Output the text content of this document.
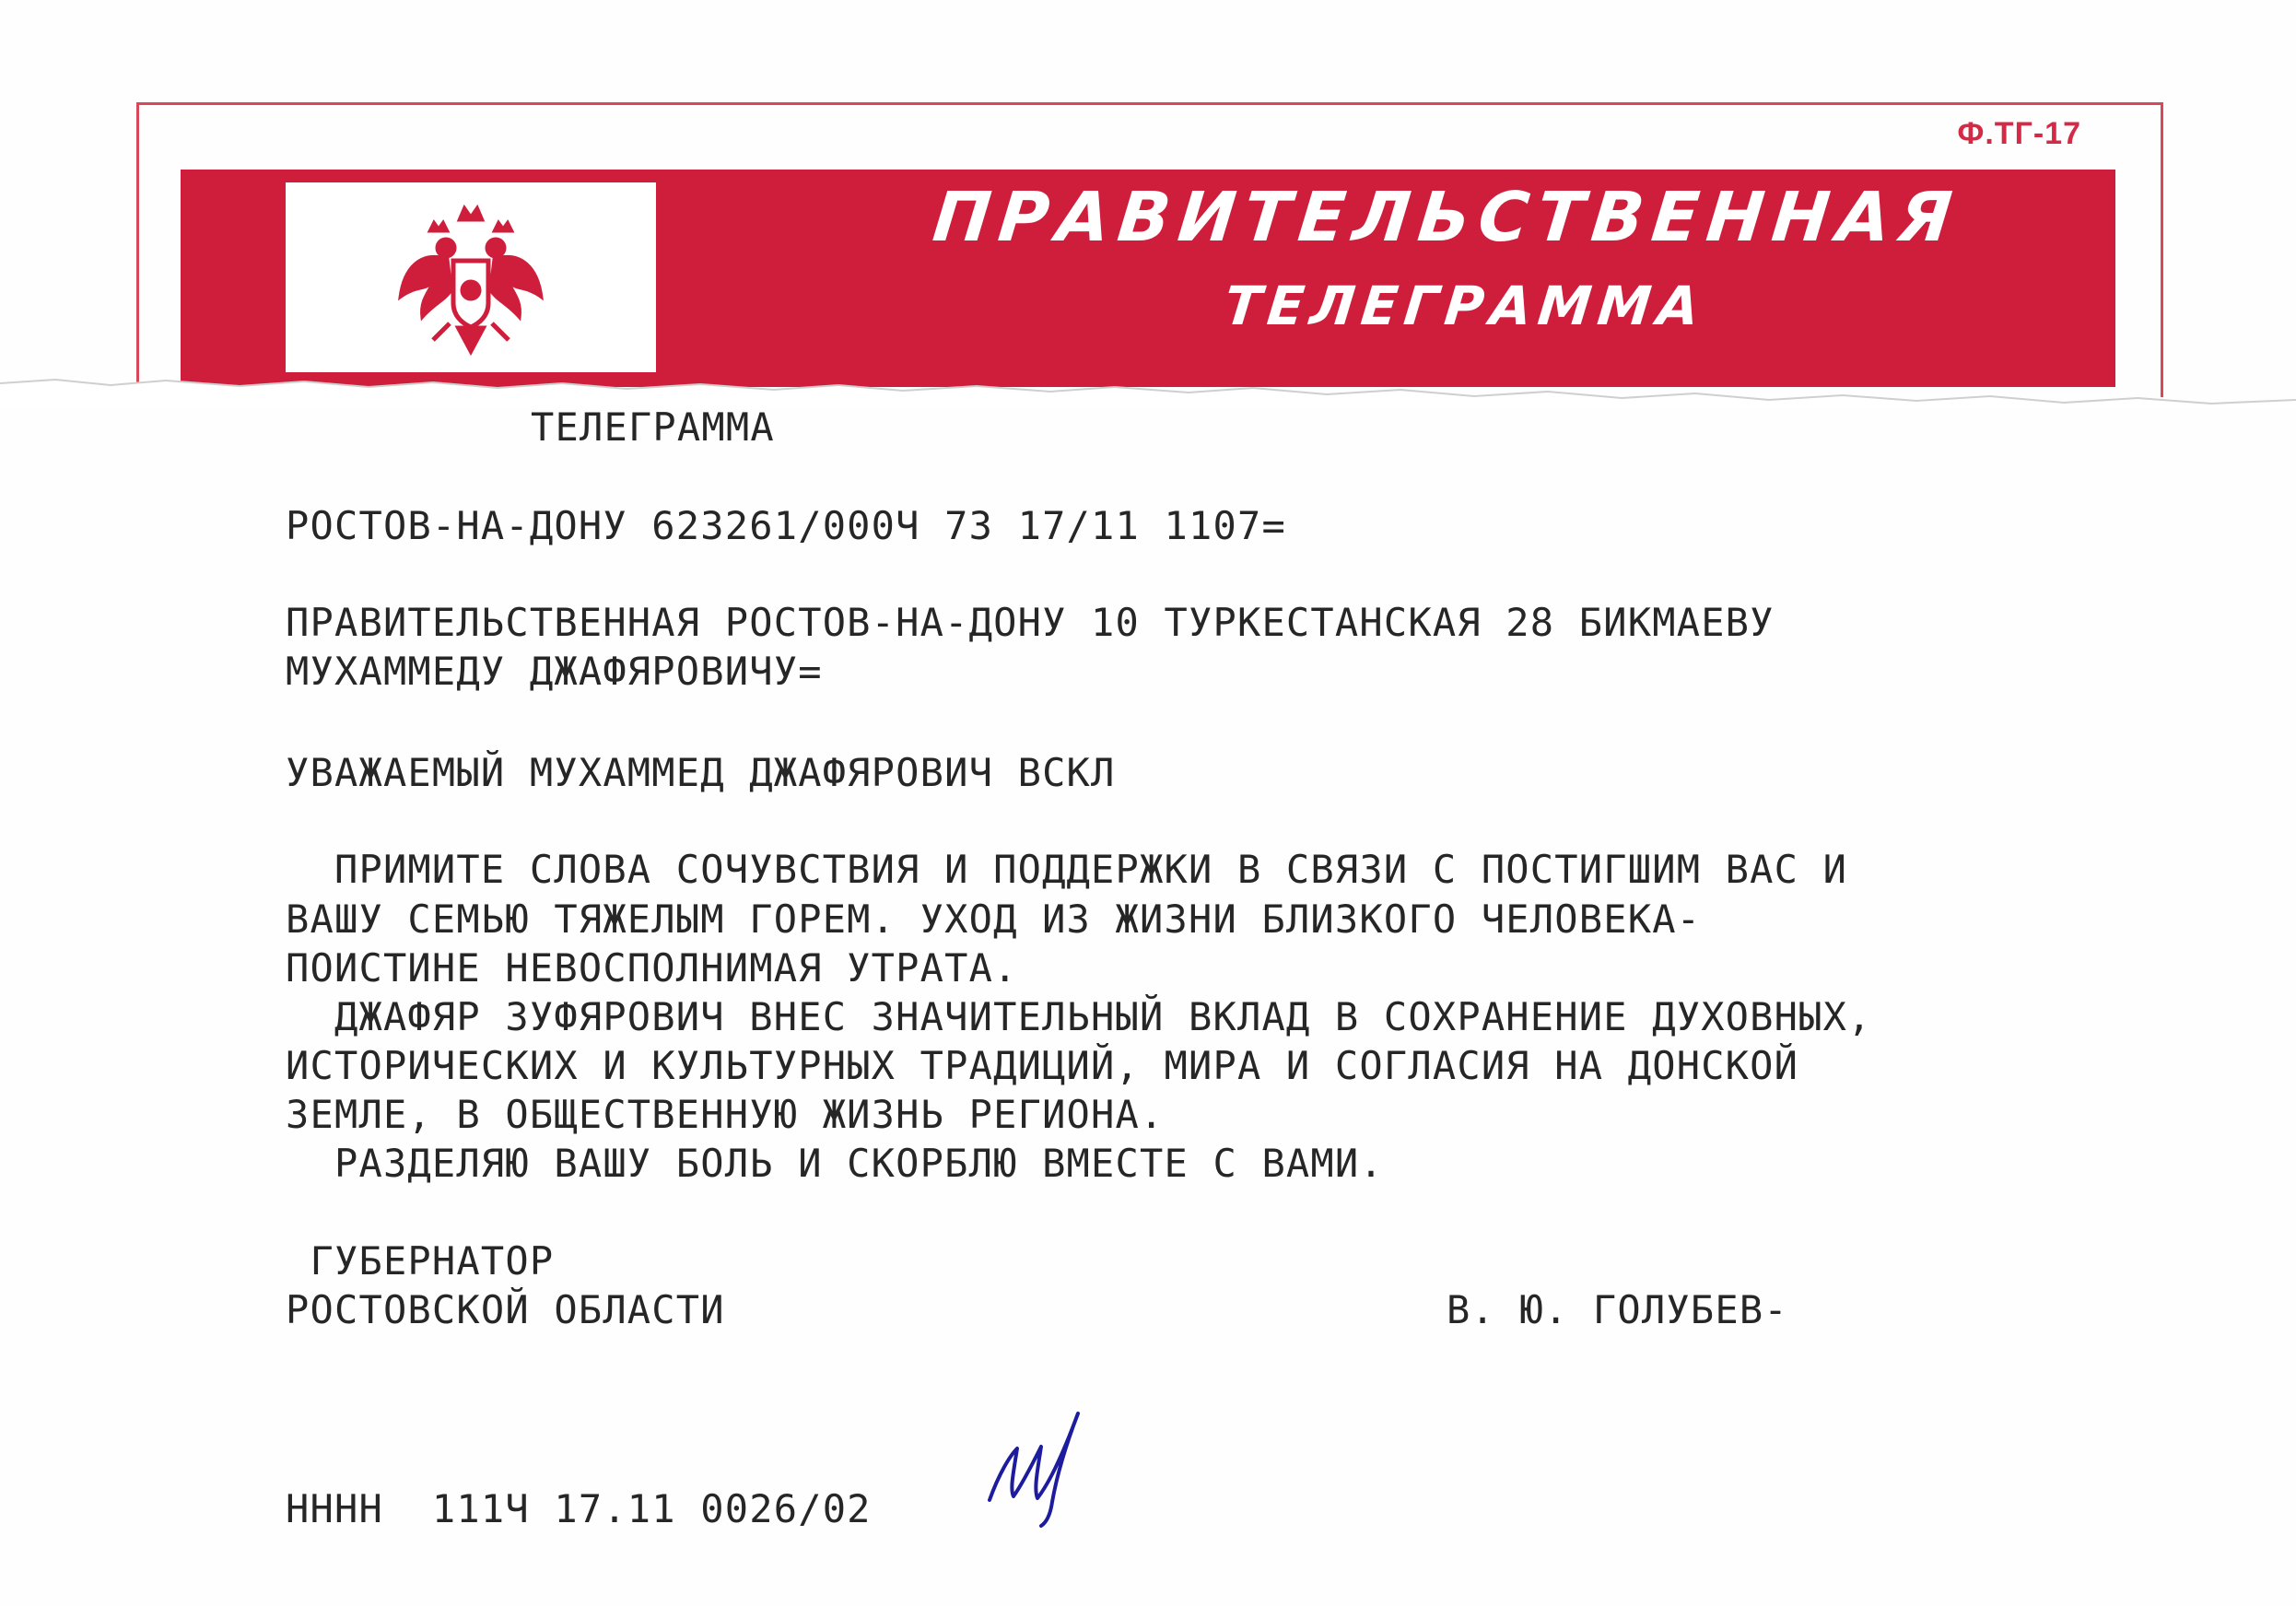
Ф.ТГ-17
ПРАВИТЕЛЬСТВЕННАЯ
ТЕЛЕГРАММА
ТЕЛЕГРАММА
РОСТОВ-НА-ДОНУ 623261/000Ч 73 17/11 1107=
ПРАВИТЕЛЬСТВЕННАЯ РОСТОВ-НА-ДОНУ 10 ТУРКЕСТАНСКАЯ 28 БИКМАЕВУ
МУХАММЕДУ ДЖАФЯРОВИЧУ=
УВАЖАЕМЫЙ МУХАММЕД ДЖАФЯРОВИЧ ВСКЛ
ПРИМИТЕ СЛОВА СОЧУВСТВИЯ И ПОДДЕРЖКИ В СВЯЗИ С ПОСТИГШИМ ВАС И
ВАШУ СЕМЬЮ ТЯЖЕЛЫМ ГОРЕМ. УХОД ИЗ ЖИЗНИ БЛИЗКОГО ЧЕЛОВЕКА-
ПОИСТИНЕ НЕВОСПОЛНИМАЯ УТРАТА.
ДЖАФЯР ЗУФЯРОВИЧ ВНЕС ЗНАЧИТЕЛЬНЫЙ ВКЛАД В СОХРАНЕНИЕ ДУХОВНЫХ,
ИСТОРИЧЕСКИХ И КУЛЬТУРНЫХ ТРАДИЦИЙ, МИРА И СОГЛАСИЯ НА ДОНСКОЙ
ЗЕМЛЕ, В ОБЩЕСТВЕННУЮ ЖИЗНЬ РЕГИОНА.
РАЗДЕЛЯЮ ВАШУ БОЛЬ И СКОРБЛЮ ВМЕСТЕ С ВАМИ.
ГУБЕРНАТОР
РОСТОВСКОЙ ОБЛАСТИ	В. Ю. ГОЛУБЕВ-
НННН  111Ч 17.11 0026/02
